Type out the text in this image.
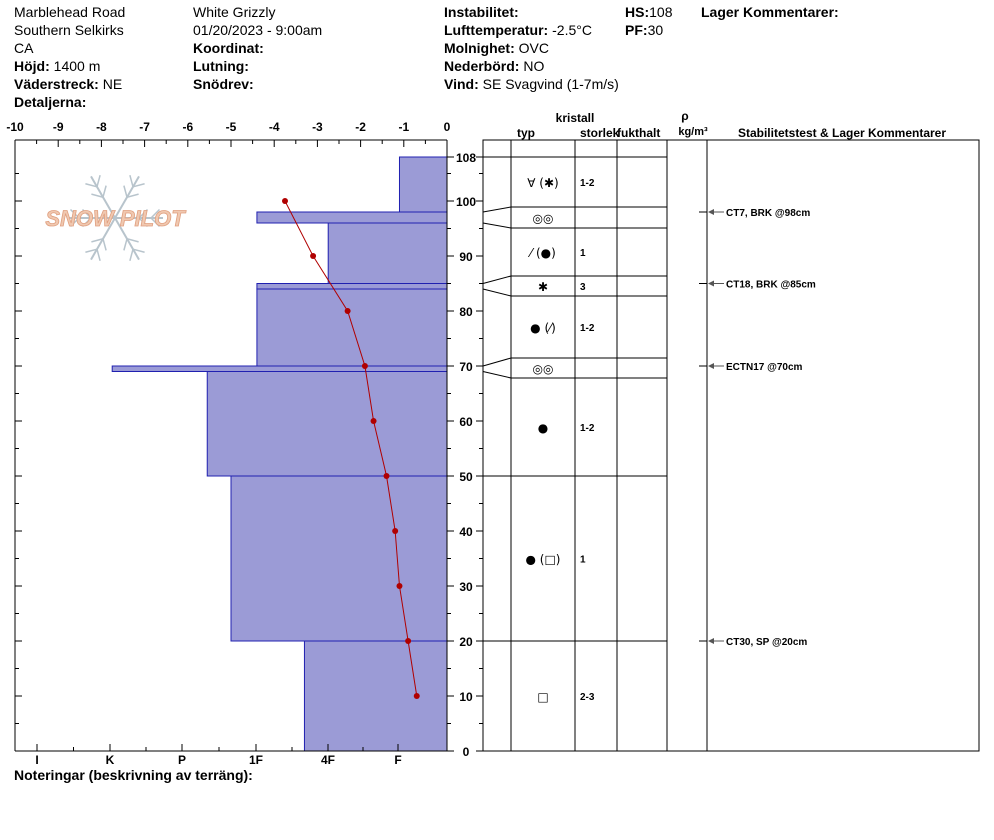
Marblehead Road
Southern Selkirks
CA
Höjd: 1400 m
Väderstreck: NE
Detaljerna:
White Grizzly
01/20/2023 - 9:00am
Koordinat:
Lutning:
Snödrev:
Instabilitet:
Lufttemperatur: -2.5°C
Molnighet: OVC
Nederbörd: NO
Vind: SE Svagvind (1-7m/s)
HS:108
PF:30
Lager Kommentarer:
Noteringar (beskrivning av terräng):
SNOW PILOT
-10 -9	-8	-7	-6	-5	-4	-3	-2	-1	0
I	K	P	1F	4F	F
0
10
20
30
40
50
60
70
80
90
100
108
∀ (✱) 1-2
◎◎
⁄ (●) 1
✱	3
● (⁄) 1-2
◎◎
●	1-2
● (□) 1
□	2-3
CT7, BRK @98cm
CT18, BRK @85cm
ECTN17 @70cm
CT30, SP @20cm
kristall
typ	storlek
fukthalt
ρ
kg/m³	Stabilitetstest & Lager Kommentarer
